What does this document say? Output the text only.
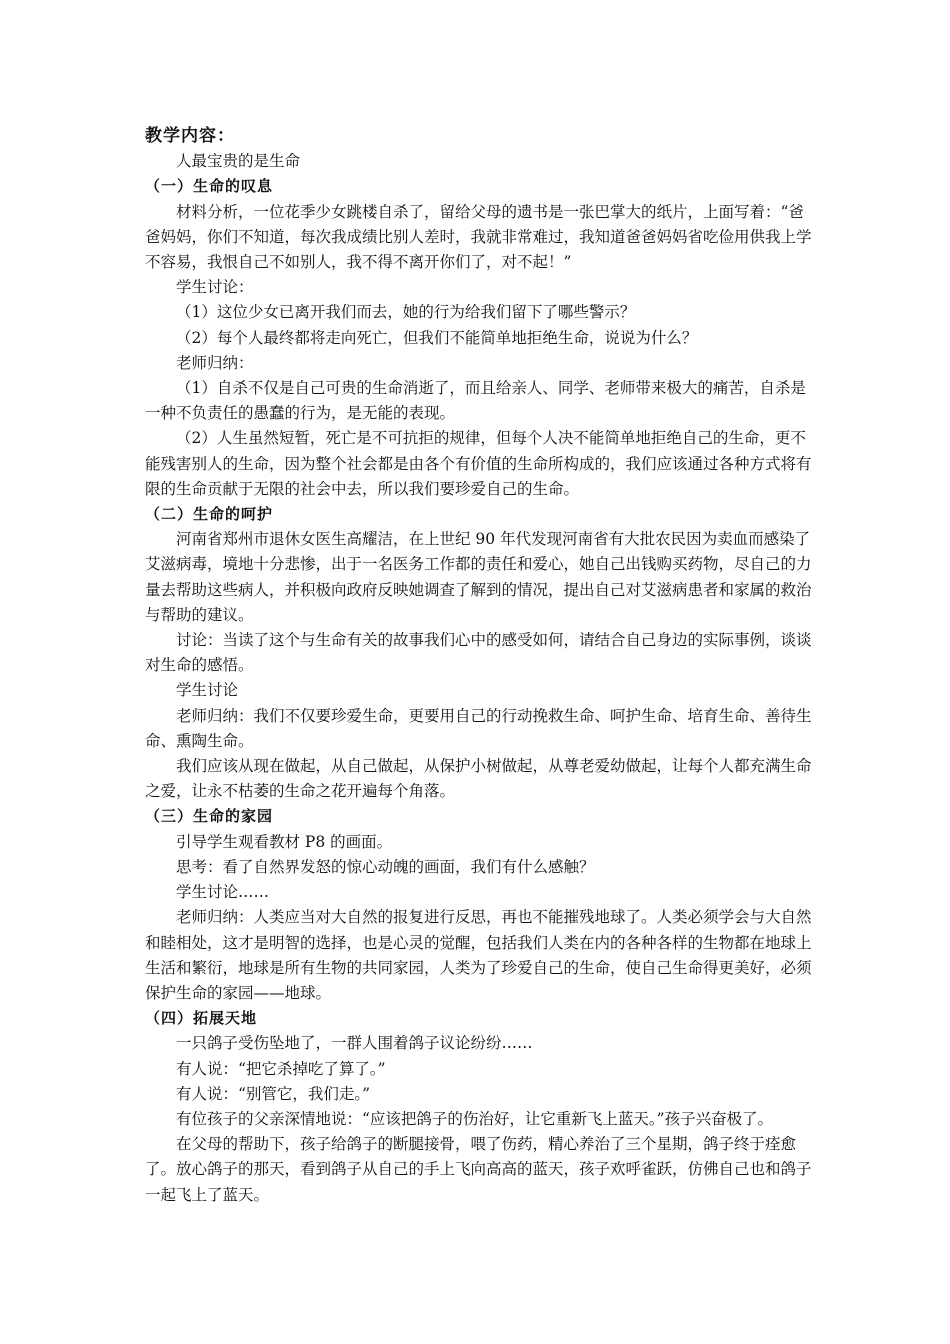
教学内容：

人最宝贵的是生命

（一）生命的叹息

材料分析，一位花季少女跳楼自杀了，留给父母的遗书是一张巴掌大的纸片，上面写着：“爸爸妈妈，你们不知道，每次我成绩比别人差时，我就非常难过，我知道爸爸妈妈省吃俭用供我上学不容易，我恨自己不如别人，我不得不离开你们了，对不起！”

学生讨论：

（1）这位少女已离开我们而去，她的行为给我们留下了哪些警示？

（2）每个人最终都将走向死亡，但我们不能简单地拒绝生命，说说为什么？

老师归纳：

（1）自杀不仅是自己可贵的生命消逝了，而且给亲人、同学、老师带来极大的痛苦，自杀是一种不负责任的愚蠢的行为，是无能的表现。

（2）人生虽然短暂，死亡是不可抗拒的规律，但每个人决不能简单地拒绝自己的生命，更不能残害别人的生命，因为整个社会都是由各个有价值的生命所构成的，我们应该通过各种方式将有限的生命贡献于无限的社会中去，所以我们要珍爱自己的生命。

（二）生命的呵护

河南省郑州市退休女医生高耀洁，在上世纪 90 年代发现河南省有大批农民因为卖血而感染了艾滋病毒，境地十分悲惨，出于一名医务工作都的责任和爱心，她自己出钱购买药物，尽自己的力量去帮助这些病人，并积极向政府反映她调查了解到的情况，提出自己对艾滋病患者和家属的救治与帮助的建议。

讨论：当读了这个与生命有关的故事我们心中的感受如何，请结合自己身边的实际事例，谈谈对生命的感悟。

学生讨论

老师归纳：我们不仅要珍爱生命，更要用自己的行动挽救生命、呵护生命、培育生命、善待生命、熏陶生命。

我们应该从现在做起，从自己做起，从保护小树做起，从尊老爱幼做起，让每个人都充满生命之爱，让永不枯萎的生命之花开遍每个角落。

（三）生命的家园

引导学生观看教材 P8 的画面。

思考：看了自然界发怒的惊心动魄的画面，我们有什么感触？

学生讨论……

老师归纳：人类应当对大自然的报复进行反思，再也不能摧残地球了。人类必须学会与大自然和睦相处，这才是明智的选择，也是心灵的觉醒，包括我们人类在内的各种各样的生物都在地球上生活和繁衍，地球是所有生物的共同家园，人类为了珍爱自己的生命，使自己生命得更美好，必须保护生命的家园——地球。

（四）拓展天地

一只鸽子受伤坠地了，一群人围着鸽子议论纷纷……

有人说：“把它杀掉吃了算了。”

有人说：“别管它，我们走。”

有位孩子的父亲深情地说：“应该把鸽子的伤治好，让它重新飞上蓝天。”孩子兴奋极了。

在父母的帮助下，孩子给鸽子的断腿接骨，喂了伤药，精心养治了三个星期，鸽子终于痊愈了。放心鸽子的那天，看到鸽子从自己的手上飞向高高的蓝天，孩子欢呼雀跃，仿佛自己也和鸽子一起飞上了蓝天。
